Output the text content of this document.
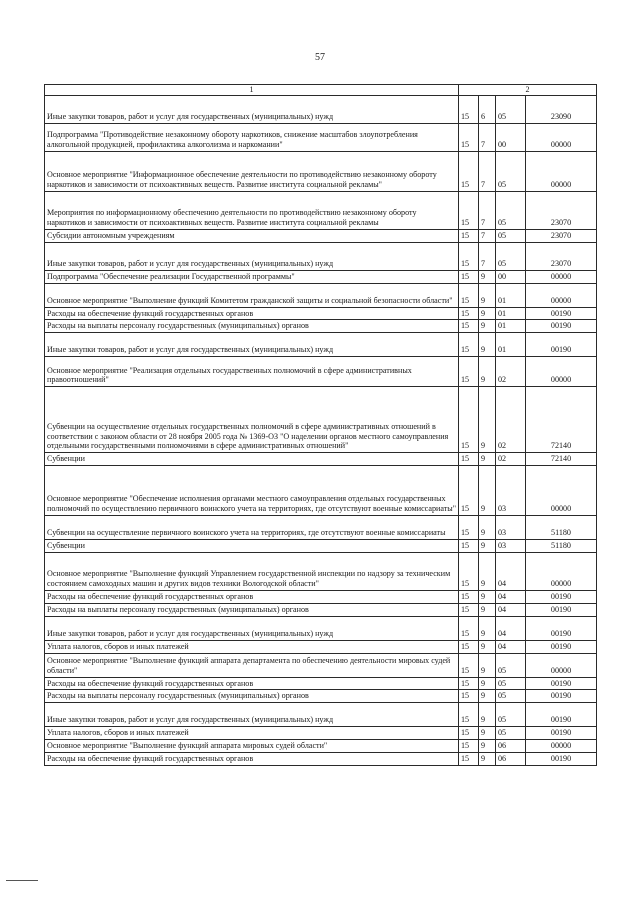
57
1	2			
Иные закупки товаров, работ и услуг для государственных (муниципальных) нужд	15	6	05	23090
Подпрограмма "Противодействие незаконному обороту наркотиков, снижение масштабов злоупотребления алкогольной продукцией, профилактика алкоголизма и наркомании"	15	7	00	00000
Основное мероприятие "Информационное обеспечение деятельности по противодействию незаконному обороту наркотиков и зависимости от психоактивных веществ. Развитие института социальной рекламы"	15	7	05	00000
Мероприятия по информационному обеспечению деятельности по противодействию незаконному обороту наркотиков и зависимости от психоактивных веществ. Развитие института социальной рекламы	15	7	05	23070
Субсидии автономным учреждениям	15	7	05	23070
Иные закупки товаров, работ и услуг для государственных (муниципальных) нужд	15	7	05	23070
Подпрограмма "Обеспечение реализации Государственной программы"	15	9	00	00000
Основное мероприятие "Выполнение функций Комитетом гражданской защиты и социальной безопасности области"	15	9	01	00000
Расходы на обеспечение функций государственных органов	15	9	01	00190
Расходы на выплаты персоналу государственных (муниципальных) органов	15	9	01	00190
Иные закупки товаров, работ и услуг для государственных (муниципальных) нужд	15	9	01	00190
Основное мероприятие "Реализация отдельных государственных полномочий в сфере административных правоотношений"	15	9	02	00000
Субвенции на осуществление отдельных государственных полномочий в сфере административных отношений в соответствии с законом области от 28 ноября 2005 года № 1369-ОЗ "О наделении органов местного самоуправления отдельными государственными полномочиями в сфере административных отношений"	15	9	02	72140
Субвенции	15	9	02	72140
Основное мероприятие "Обеспечение исполнения органами местного самоуправления отдельных государственных полномочий по осуществлению первичного воинского учета на территориях, где отсутствуют военные комиссариаты"	15	9	03	00000
Субвенции на осуществление первичного воинского учета на территориях, где отсутствуют военные комиссариаты	15	9	03	51180
Субвенции	15	9	03	51180
Основное мероприятие "Выполнение функций Управлением государственной инспекции по надзору за техническим состоянием самоходных машин и других видов техники Вологодской области"	15	9	04	00000
Расходы на обеспечение функций государственных органов	15	9	04	00190
Расходы на выплаты персоналу государственных (муниципальных) органов	15	9	04	00190
Иные закупки товаров, работ и услуг для государственных (муниципальных) нужд	15	9	04	00190
Уплата налогов, сборов и иных платежей	15	9	04	00190
Основное мероприятие "Выполнение функций аппарата департамента по обеспечению деятельности мировых судей области"	15	9	05	00000
Расходы на обеспечение функций государственных органов	15	9	05	00190
Расходы на выплаты персоналу государственных (муниципальных) органов	15	9	05	00190
Иные закупки товаров, работ и услуг для государственных (муниципальных) нужд	15	9	05	00190
Уплата налогов, сборов и иных платежей	15	9	05	00190
Основное мероприятие "Выполнение функций аппарата мировых судей области"	15	9	06	00000
Расходы на обеспечение функций государственных органов	15	9	06	00190
